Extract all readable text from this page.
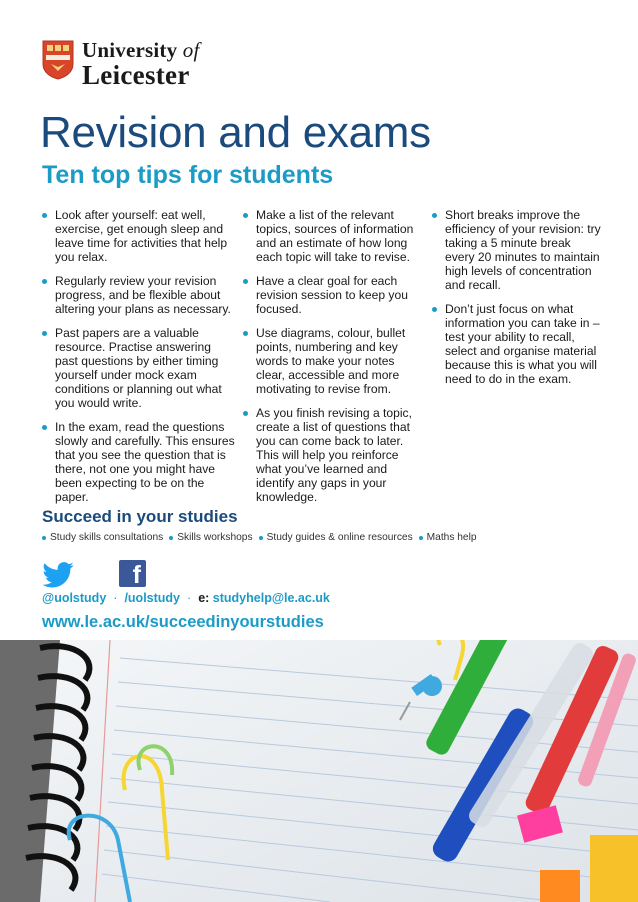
University of
Leicester
Revision and exams
Ten top tips for students

Look after yourself: eat well, exercise, get enough sleep and leave time for activities that help you relax.

Regularly review your revision progress, and be flexible about altering your plans as necessary.

Past papers are a valuable resource. Practise answering past questions by either timing yourself under mock exam conditions or planning out what you would write.

In the exam, read the questions slowly and carefully. This ensures that you see the question that is there, not one you might have been expecting to be on the paper.

Make a list of the relevant topics, sources of information and an estimate of how long each topic will take to revise.

Have a clear goal for each revision session to keep you focused.

Use diagrams, colour, bullet points, numbering and key words to make your notes clear, accessible and more motivating to revise from.

As you finish revising a topic, create a list of questions that you can come back to later. This will help you reinforce what you’ve learned and identify any gaps in your knowledge.

Short breaks improve the efficiency of your revision: try taking a 5 minute break every 20 minutes to maintain high levels of concentration and recall.

Don’t just focus on what information you can take in – test your ability to recall, select and organise material because this is what you will need to do in the exam.

Succeed in your studies
Study skills consultations	Skills workshops	Study guides & online resources	Maths help
f
@uolstudy · /uolstudy · e:
studyhelp@le.ac.uk
www.le.ac.uk/succeedinyourstudies
